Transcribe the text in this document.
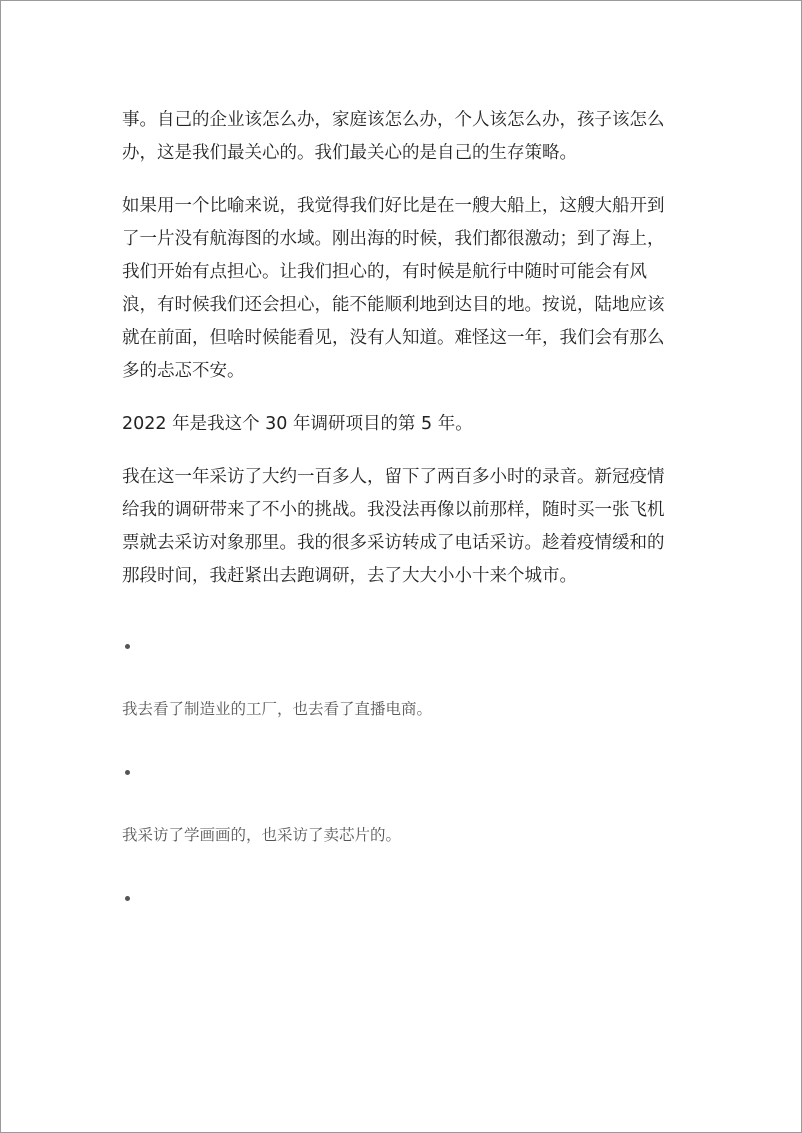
事。自己的企业该怎么办，家庭该怎么办，个人该怎么办，孩子该怎么
办，这是我们最关心的。我们最关心的是自己的生存策略。
如果用一个比喻来说，我觉得我们好比是在一艘大船上，这艘大船开到
了一片没有航海图的水域。刚出海的时候，我们都很激动；到了海上，
我们开始有点担心。让我们担心的，有时候是航行中随时可能会有风
浪，有时候我们还会担心，能不能顺利地到达目的地。按说，陆地应该
就在前面，但啥时候能看见，没有人知道。难怪这一年，我们会有那么
多的忐忑不安。
2022 年是我这个 30 年调研项目的第 5 年。
我在这一年采访了大约一百多人，留下了两百多小时的录音。新冠疫情
给我的调研带来了不小的挑战。我没法再像以前那样，随时买一张飞机
票就去采访对象那里。我的很多采访转成了电话采访。趁着疫情缓和的
那段时间，我赶紧出去跑调研，去了大大小小十来个城市。
我去看了制造业的工厂，也去看了直播电商。
我采访了学画画的，也采访了卖芯片的。
